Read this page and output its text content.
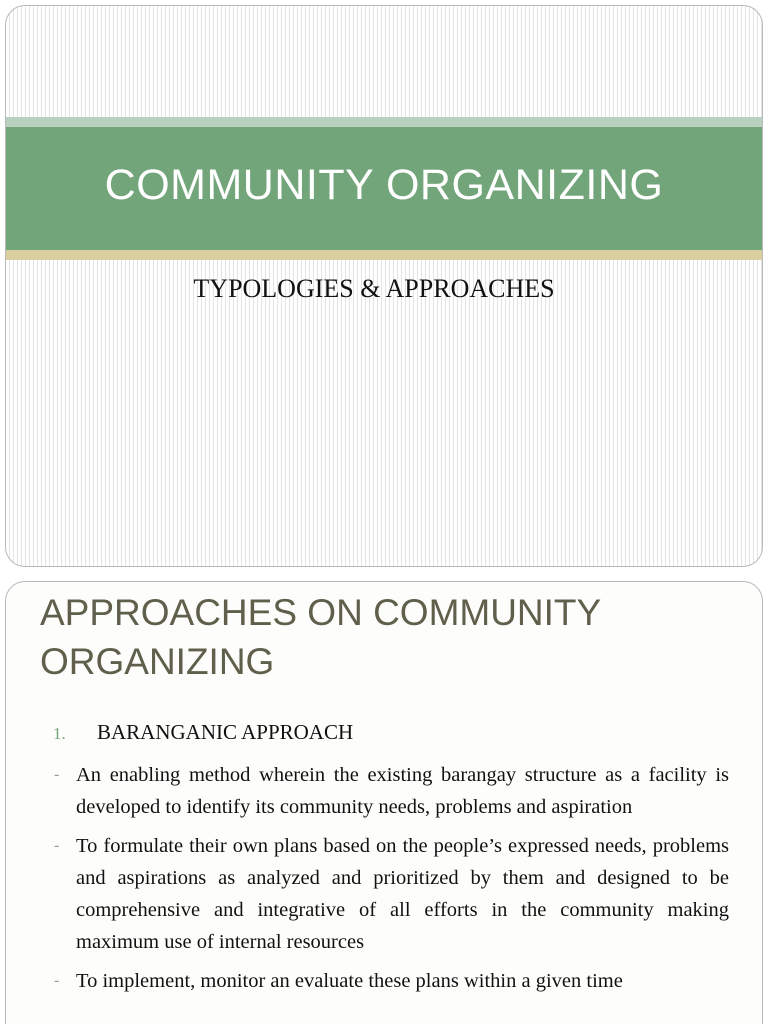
COMMUNITY ORGANIZING
TYPOLOGIES & APPROACHES
APPROACHES ON COMMUNITY ORGANIZING
1. BARANGANIC APPROACH
- An enabling method wherein the existing barangay structure as a facility is developed to identify its community needs, problems and aspiration
- To formulate their own plans based on the people’s expressed needs, problems and aspirations as analyzed and prioritized by them and designed to be comprehensive and integrative of all efforts in the community making maximum use of internal resources
- To implement, monitor an evaluate these plans within a given time
